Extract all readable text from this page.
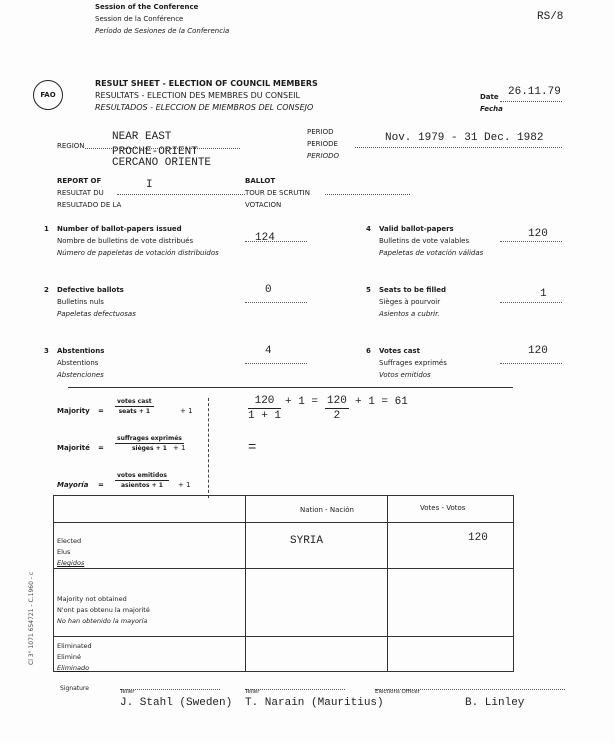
Session of the Conference
Session de la Conférence
Período de Sesiones de la Conferencia
RS/8
FAO
RESULT SHEET - ELECTION OF COUNCIL MEMBERS
RESULTATS - ELECTION DES MEMBRES DU CONSEIL
RESULTADOS - ELECCION DE MIEMBROS DEL CONSEJO
Date
Fecha
26.11.79
REGION
NEAR EAST
PROCHE-ORIENT
CERCANO ORIENTE
PERIOD
PERIODE
PERIODO
Nov. 1979 - 31 Dec. 1982
REPORT OF
RESULTAT DU
RESULTADO DE LA
I	BALLOT
TOUR DE SCRUTIN
VOTACION
1 Number of ballot-papers issued
Nombre de bulletins de vote distribués
Número de papeletas de votación distribuidos
124
2 Defective ballots
Bulletins nuls
Papeletas defectuosas
0
3 Abstentions
Abstentions
Abstenciones
4
4 Valid ballot-papers
Bulletins de vote valables
Papeletas de votación válidas
120
5 Seats to be filled
Sièges à pourvoir
Asientos a cubrir.
1
6 Votes cast
Suffrages exprimés
Votos emitidos
120
Majority =
votes cast
seats + 1	+ 1
Majorité =
suffrages exprimés
sièges + 1 + 1
Mayoría =
votos emitidos
asientos + 1	+ 1
$\frac{120}{1 + 1} + 1 = \frac{120}{2} + 1 = 61$
=
Nation - Nación	Votes - Votos
Elected
Elus
Elegidos
SYRIA	120
Majority not obtained
N'ont pas obtenu la majorité
No han obtenido la mayoría
Eliminated
Eliminé
Eliminado
Cl 3° 1071 654721 - C.1960 - c
Signature	Teller
J. Stahl (Sweden)
Teller
T. Narain (Mauritius)
Elections Officer
B. Linley
